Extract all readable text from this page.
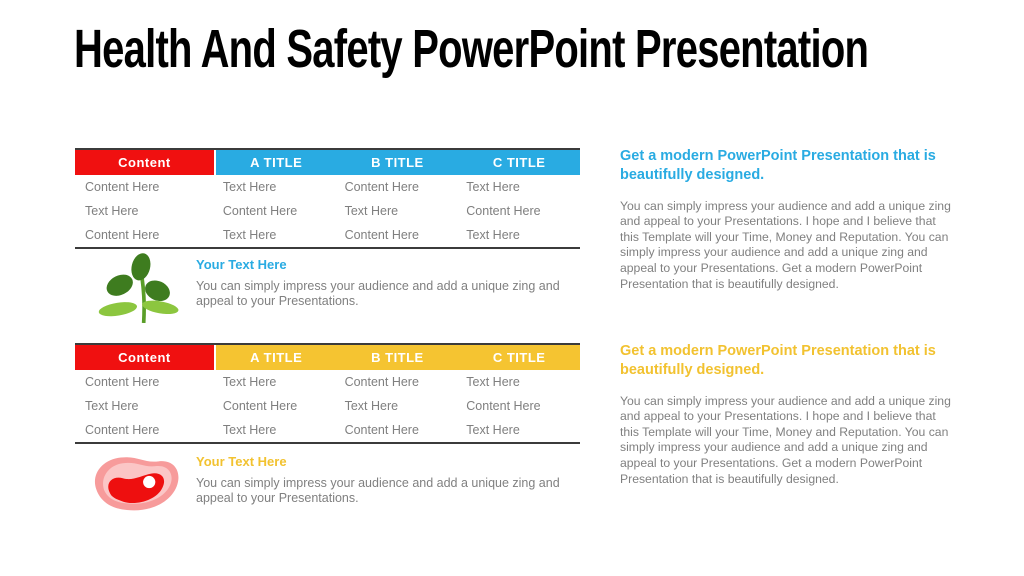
Health And Safety PowerPoint Presentation
Content	A TITLE	B TITLE	C TITLE
Content Here	Text Here	Content Here	Text Here
Text Here	Content Here	Text Here	Content Here
Content Here	Text Here	Content Here	Text Here
Your Text Here

You can simply impress your audience and add a unique zing and appeal to your Presentations.

Content	A TITLE	B TITLE	C TITLE
Content Here	Text Here	Content Here	Text Here
Text Here	Content Here	Text Here	Content Here
Content Here	Text Here	Content Here	Text Here
Your Text Here

You can simply impress your audience and add a unique zing and appeal to your Presentations.

Get a modern PowerPoint Presentation that is beautifully designed.

You can simply impress your audience and add a unique zing and appeal to your Presentations. I hope and I believe that this Template will your Time, Money and Reputation. You can simply impress your audience and add a unique zing and appeal to your Presentations. Get a modern PowerPoint Presentation that is beautifully designed.

Get a modern PowerPoint Presentation that is beautifully designed.

You can simply impress your audience and add a unique zing and appeal to your Presentations. I hope and I believe that this Template will your Time, Money and Reputation. You can simply impress your audience and add a unique zing and appeal to your Presentations. Get a modern PowerPoint Presentation that is beautifully designed.
